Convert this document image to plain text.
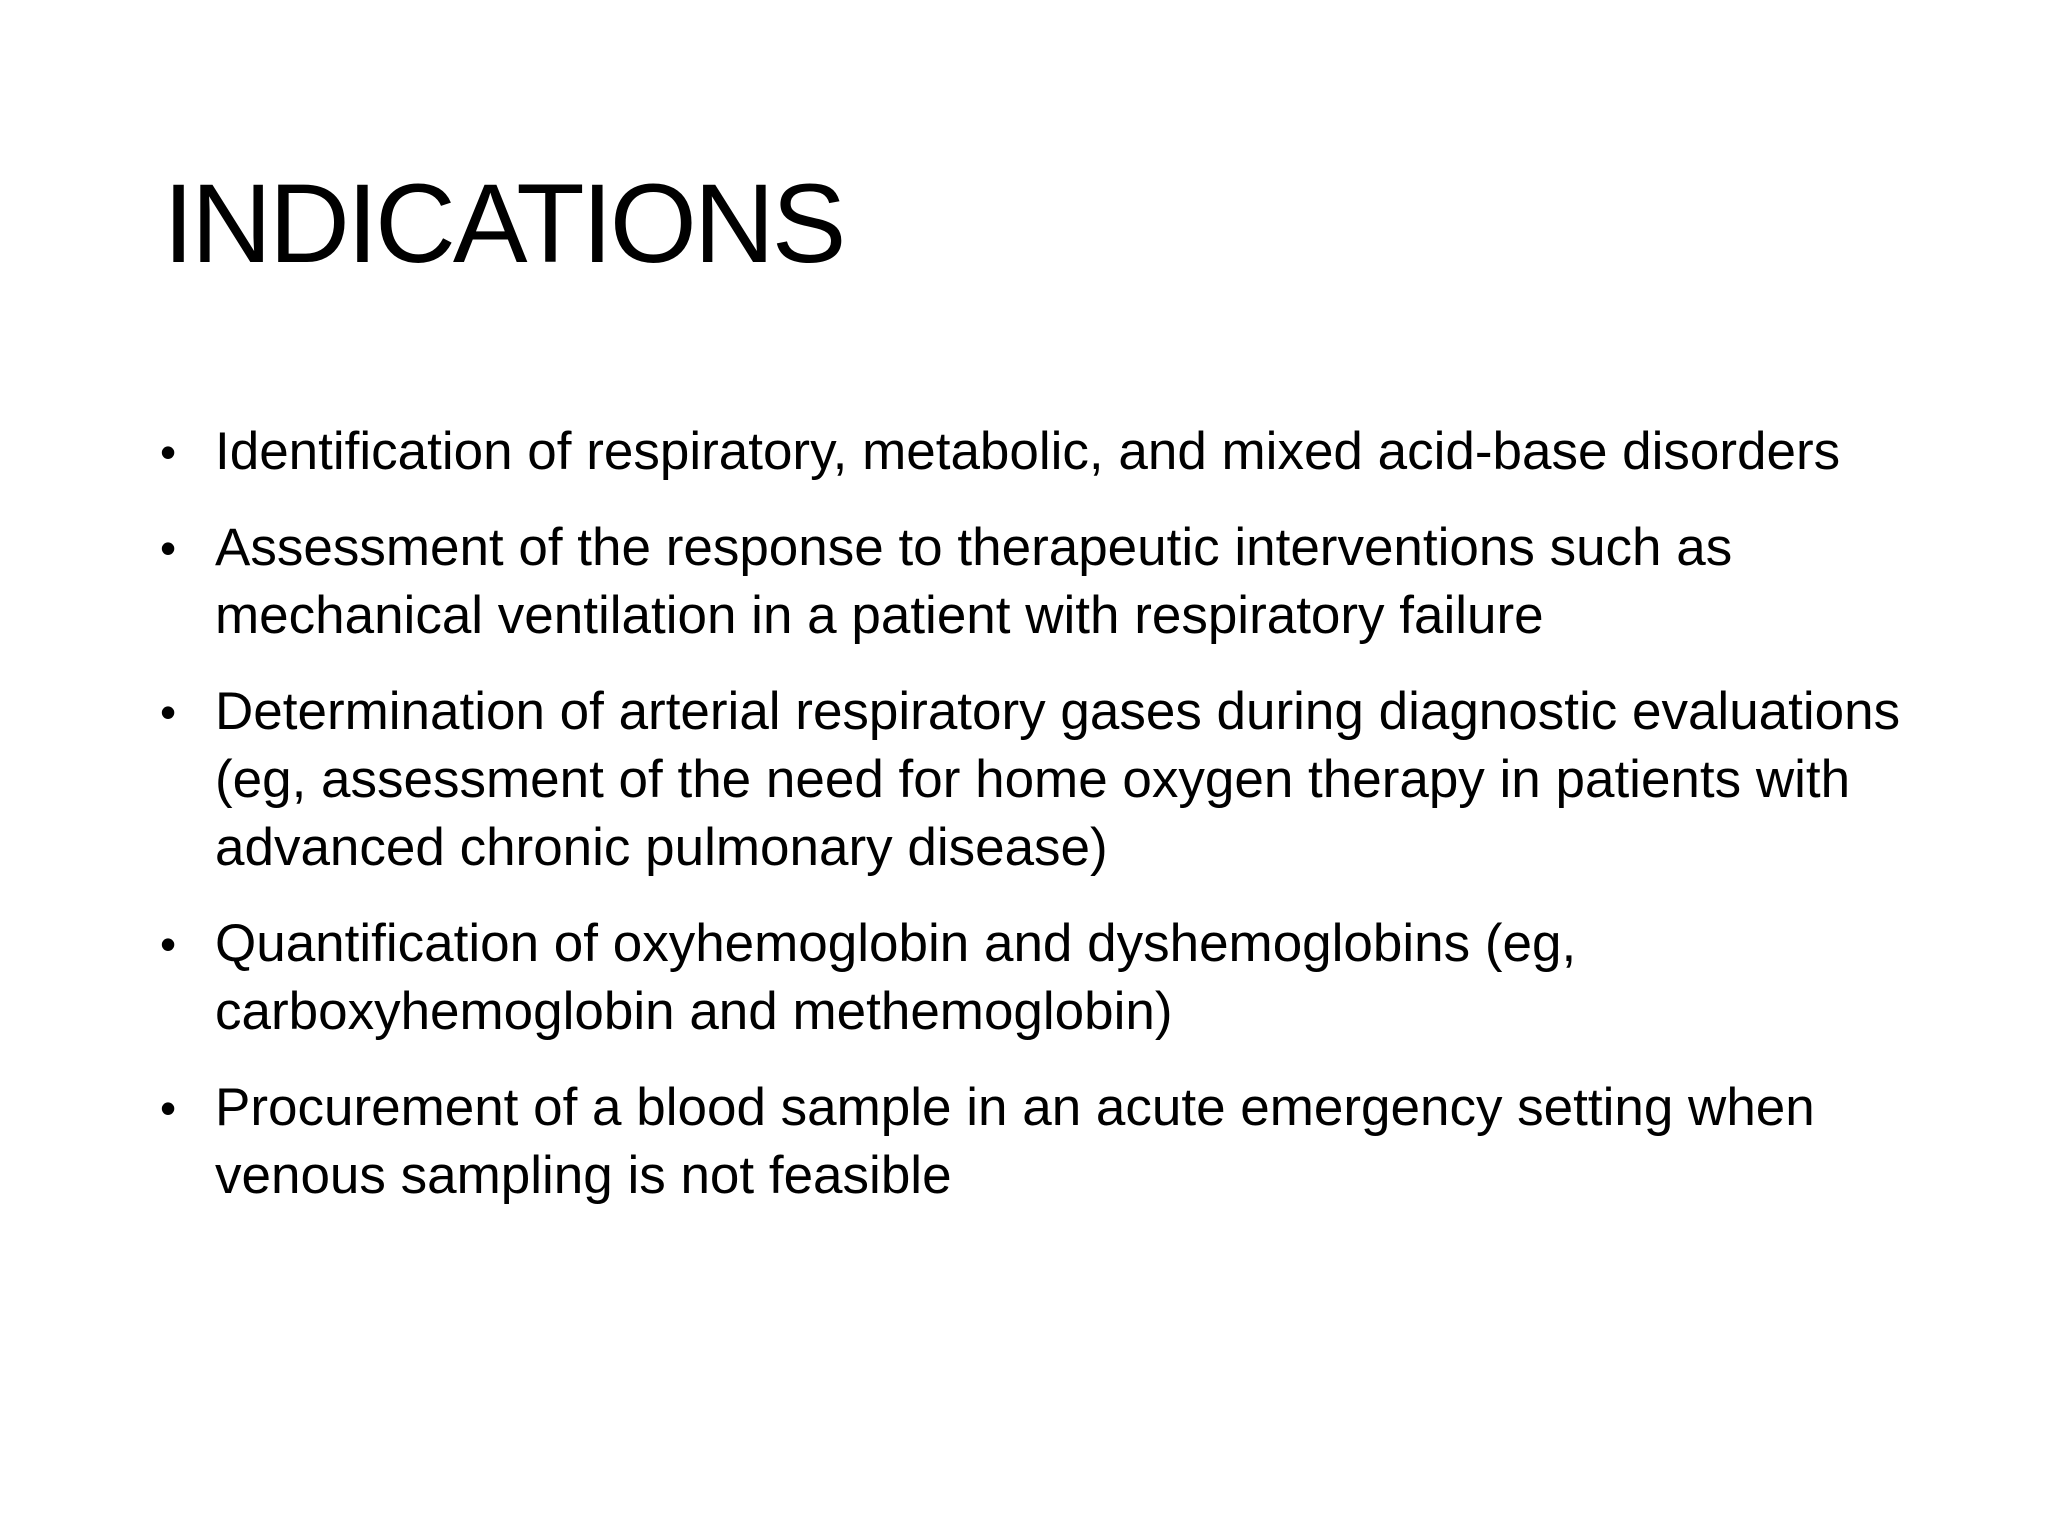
INDICATIONS
• Identification of respiratory, metabolic, and mixed acid-base disorders
• Assessment of the response to therapeutic interventions such as mechanical ventilation in a patient with respiratory failure
• Determination of arterial respiratory gases during diagnostic evaluations (eg, assessment of the need for home oxygen therapy in patients with advanced chronic pulmonary disease)
• Quantification of oxyhemoglobin and dyshemoglobins (eg, carboxyhemoglobin and methemoglobin)
• Procurement of a blood sample in an acute emergency setting when venous sampling is not feasible
